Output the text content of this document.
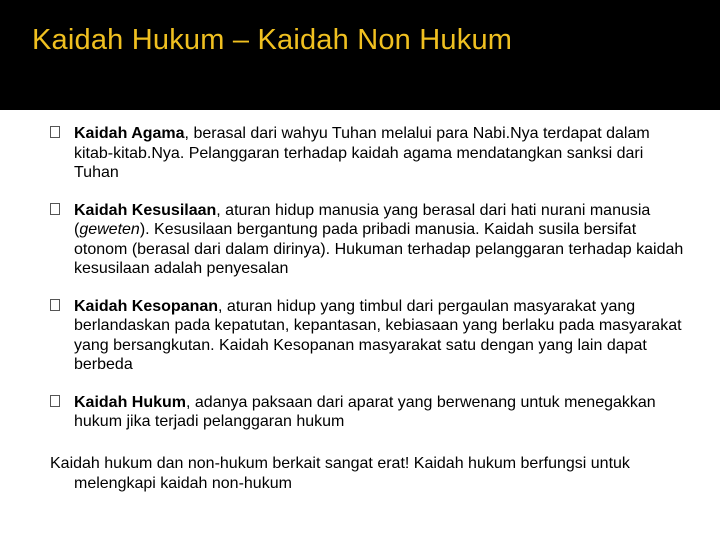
Kaidah Hukum – Kaidah Non Hukum
Kaidah Agama, berasal dari wahyu Tuhan melalui para Nabi.Nya terdapat dalam kitab-kitab.Nya. Pelanggaran terhadap kaidah agama mendatangkan sanksi dari Tuhan
Kaidah Kesusilaan, aturan hidup manusia yang berasal dari hati nurani manusia (geweten). Kesusilaan bergantung pada pribadi manusia. Kaidah susila bersifat otonom (berasal dari dalam dirinya). Hukuman terhadap pelanggaran terhadap kaidah kesusilaan adalah penyesalan
Kaidah Kesopanan, aturan hidup yang timbul dari pergaulan masyarakat yang berlandaskan pada kepatutan, kepantasan, kebiasaan yang berlaku pada masyarakat yang bersangkutan. Kaidah Kesopanan masyarakat satu dengan yang lain dapat berbeda
Kaidah Hukum, adanya paksaan dari aparat yang berwenang untuk menegakkan hukum jika terjadi pelanggaran hukum
Kaidah hukum dan non-hukum berkait sangat erat! Kaidah hukum berfungsi untuk melengkapi kaidah non-hukum
